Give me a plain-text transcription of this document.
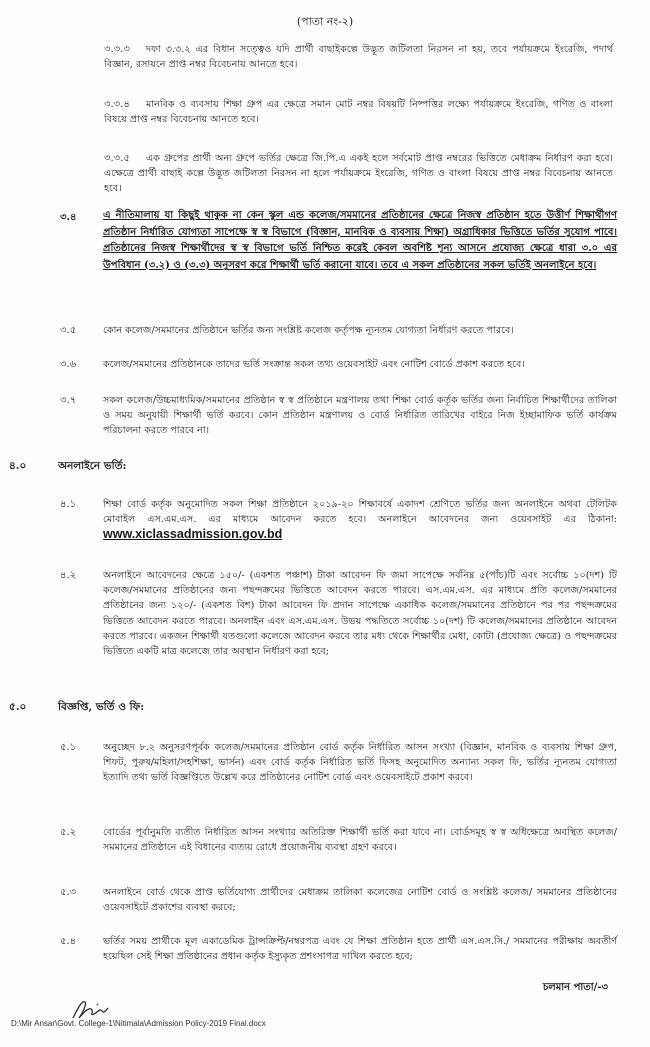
(পাতা নং-২)
৩.৩.৩	দফা ৩.৩.২ এর বিধান সত্ত্বেও যদি প্রার্থী বাছাইকল্পে উদ্ভূত জটিলতা নিরসন না হয়, তবে পর্যায়ক্রমে ইংরেজি, পদার্থ বিজ্ঞান, রসায়নে প্রাপ্ত নম্বর বিবেচনায় আনতে হবে।
৩.৩.৪	মানবিক ও ব্যবসায় শিক্ষা গ্রুপ এর ক্ষেত্রে সমান মোট নম্বর বিষয়টি নিষ্পত্তির লক্ষ্যে পর্যায়ক্রমে ইংরেজি, গণিত ও বাংলা বিষয়ে প্রাপ্ত নম্বর বিবেচনায় আনতে হবে।
৩.৩.৫	এক গ্রুপের প্রার্থী অন্য গ্রুপে ভর্তির ক্ষেত্রে জি.পি.এ একই হলে সর্বমোট প্রাপ্ত নম্বরের ভিত্তিতে মেধাক্রম নির্ধারণ করা হবে। এক্ষেত্রে প্রার্থী বাছাই কল্পে উদ্ভূত জটিলতা নিরসন না হলে পর্যায়ক্রমে ইংরেজি, গণিত ও বাংলা বিষয়ে প্রাপ্ত নম্বর বিবেচনায় আনতে হবে।
৩.৪	এ নীতিমালায় যা কিছুই থাকুক না কেন স্কুল এন্ড কলেজ/সমমানের প্রতিষ্ঠানের ক্ষেত্রে নিজস্ব প্রতিষ্ঠান হতে উত্তীর্ণ শিক্ষার্থীগণ প্রতিষ্ঠান নির্ধারিত যোগ্যতা সাপেক্ষে স্ব স্ব বিভাগে (বিজ্ঞান, মানবিক ও ব্যবসায় শিক্ষা) অগ্রাধিকার ভিত্তিতে ভর্তির সুযোগ পাবে। প্রতিষ্ঠানের নিজস্ব শিক্ষার্থীদের স্ব স্ব বিভাগে ভর্তি নিশ্চিত করেই কেবল অবশিষ্ট শূন্য আসনে প্রযোজ্য ক্ষেত্রে ধারা ৩.০ এর উপবিধান (৩.২) ও (৩.৩) অনুসরণ করে শিক্ষার্থী ভর্তি করানো যাবে। তবে এ সকল প্রতিষ্ঠানের সকল ভর্তিই অনলাইনে হবে।
৩.৫	কোন কলেজ/সমমানের প্রতিষ্ঠানে ভর্তির জন্য সংশ্লিষ্ট কলেজ কর্তৃপক্ষ ন্যূনতম যোগ্যতা নির্ধারণ করতে পারবে।
৩.৬	কলেজ/সমমানের প্রতিষ্ঠানকে তাদের ভর্তি সংক্রান্ত সকল তথ্য ওয়েবসাইট এবং নোটিশ বোর্ডে প্রকাশ করতে হবে।
৩.৭	সকল কলেজ/উচ্চমাধ্যমিক/সমমানের প্রতিষ্ঠান স্ব স্ব প্রতিষ্ঠানে মন্ত্রণালয় তথা শিক্ষা বোর্ড কর্তৃক ভর্তির জন্য নির্বাচিত শিক্ষার্থীদের তালিকা ও সময় অনুযায়ী শিক্ষার্থী ভর্তি করবে। কোন প্রতিষ্ঠান মন্ত্রণালয় ও বোর্ড নির্ধারিত তারিখের বাইরে নিজ ইচ্ছামাফিক ভর্তি কার্যক্রম পরিচালনা করতে পারবে না।
৪.০	অনলাইনে ভর্তি:
৪.১	শিক্ষা বোর্ড কর্তৃক অনুমোদিত সকল শিক্ষা প্রতিষ্ঠানে ২০১৯-২০ শিক্ষাবর্ষে একাদশ শ্রেণিতে ভর্তির জন্য অনলাইনে অথবা টেলিটক মোবাইল এস.এম.এস. এর মাধ্যমে আবেদন করতে হবে। অনলাইনে আবেদনের জন্য ওয়েবসাইট এর ঠিকানা: www.xiclassadmission.gov.bd
৪.২	অনলাইনে আবেদনের ক্ষেত্রে ১৫০/- (একশত পঞ্চাশ) টাকা আবেদন ফি জমা সাপেক্ষে সর্বনিম্ন ৫(পাঁচ)টি এবং সর্বোচ্চ ১০(দশ) টি কলেজ/সমমানের প্রতিষ্ঠানের জন্য পছন্দক্রমের ভিত্তিতে আবেদন করতে পারবে। এস.এম.এস. এর মাধ্যমে প্রতি কলেজ/সমমানের প্রতিষ্ঠানের জন্য ১২০/- (একশত বিশ) টাকা আবেদন ফি প্রদান সাপেক্ষে একাধিক কলেজ/সমমানের প্রতিষ্ঠানে পর পর পছন্দক্রমের ভিত্তিতে আবেদন করতে পারবে। অনলাইন এবং এস.এম.এস. উভয় পদ্ধতিতে সর্বোচ্চ ১০(দশ) টি কলেজ/সমমানের প্রতিষ্ঠানে আবেদন করতে পারবে। একজন শিক্ষার্থী যতগুলো কলেজে আবেদন করবে তার মধ্য থেকে শিক্ষার্থীর মেধা, কোটা (প্রযোজ্য ক্ষেত্রে) ও পছন্দক্রমের ভিত্তিতে একটি মাত্র কলেজে তার অবস্থান নির্ধারণ করা হবে;
৫.০	বিজ্ঞপ্তি, ভর্তি ও ফি:
৫.১	অনুচ্ছেদ ৮.২ অনুসরণপূর্বক কলেজ/সমমানের প্রতিষ্ঠান বোর্ড কর্তৃক নির্ধারিত আসন সংখ্যা (বিজ্ঞান, মানবিক ও ব্যবসায় শিক্ষা গ্রুপ, শিফট, পুরুষ/মহিলা/সহশিক্ষা, ভার্সন) এবং বোর্ড কর্তৃক নির্ধারিত ভর্তি ফিসহ অনুমোদিত অন্যান্য সকল ফি, ভর্তির ন্যূনতম যোগ্যতা ইত্যাদি তথ্য ভর্তি বিজ্ঞপ্তিতে উল্লেখ করে প্রতিষ্ঠানের নোটিশ বোর্ড এবং ওয়েবসাইটে প্রকাশ করবে।
৫.২	বোর্ডের পূর্বানুমতি ব্যতীত নির্ধারিত আসন সংখ্যার অতিরিক্ত শিক্ষার্থী ভর্তি করা যাবে না। বোর্ডসমূহ স্ব স্ব অধিক্ষেত্রে অবস্থিত কলেজ/সমমানের প্রতিষ্ঠানে এই বিধানের ব্যত্যয় রোধে প্রয়োজনীয় ব্যবস্থা গ্রহণ করবে।
৫.৩	অনলাইনে বোর্ড থেকে প্রাপ্ত ভর্তিযোগ্য প্রার্থীদের মেধাক্রম তালিকা কলেজের নোটিশ বোর্ড ও সংশ্লিষ্ট কলেজ/ সমমানের প্রতিষ্ঠানের ওয়েবসাইটে প্রকাশের ব্যবস্থা করবে;
৫.৪	ভর্তির সময় প্রার্থীকে মূল একাডেমিক ট্রান্সক্রিপ্ট/নম্বরপত্র এবং যে শিক্ষা প্রতিষ্ঠান হতে প্রার্থী এস.এস.সি./ সমমানের পরীক্ষায় অবতীর্ণ হয়েছিল সেই শিক্ষা প্রতিষ্ঠানের প্রধান কর্তৃক ইস্যুকৃত প্রশংসাপত্র দাখিল করতে হবে;
চলমান পাতা/-৩
D:\Mir Ansar\Govt. College-1\Nitimala\Admission Policy-2019 Final.docx
